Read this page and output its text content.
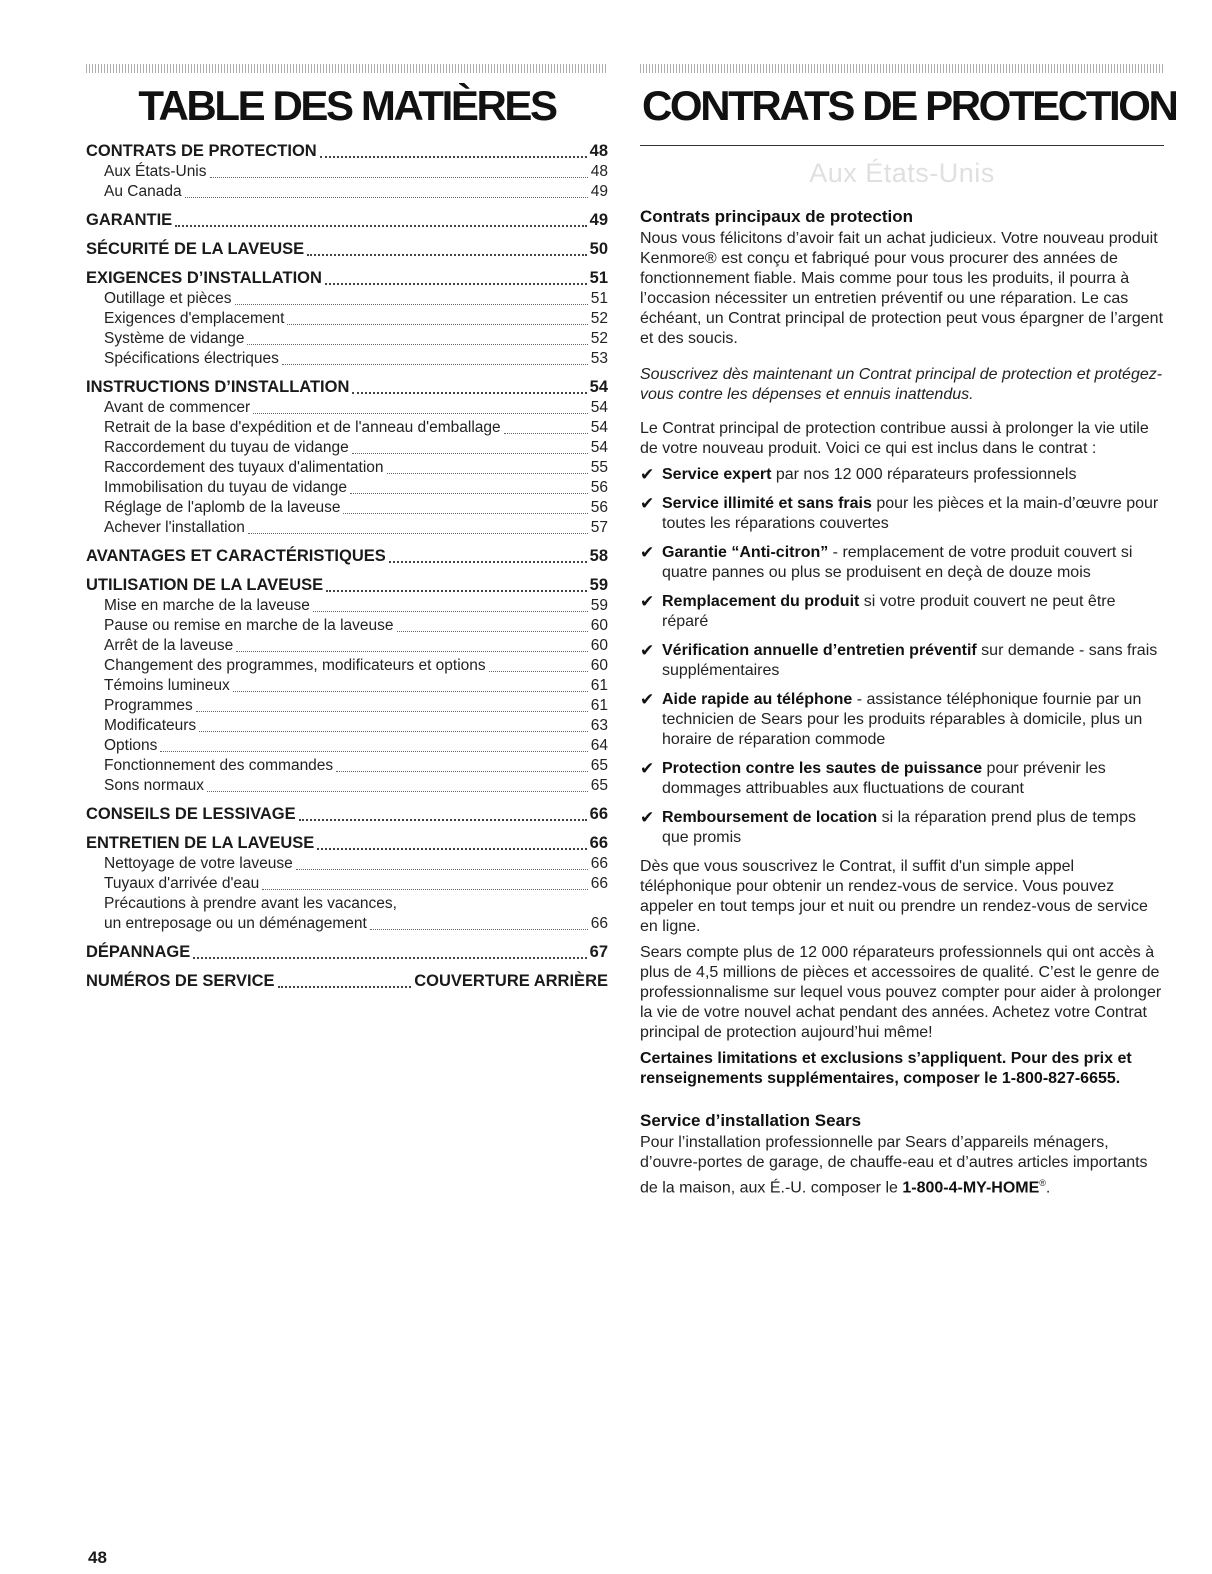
TABLE DES MATIÈRES
CONTRATS DE PROTECTION	48
Aux États-Unis	48
Au Canada	49
GARANTIE	49
SÉCURITÉ DE LA LAVEUSE	50
EXIGENCES D’INSTALLATION	51
Outillage et pièces	51
Exigences d'emplacement	52
Système de vidange	52
Spécifications électriques	53
INSTRUCTIONS D’INSTALLATION	54
Avant de commencer	54
Retrait de la base d'expédition et de l'anneau d'emballage	54
Raccordement du tuyau de vidange	54
Raccordement des tuyaux d'alimentation	55
Immobilisation du tuyau de vidange	56
Réglage de l'aplomb de la laveuse	56
Achever l'installation	57
AVANTAGES ET CARACTÉRISTIQUES	58
UTILISATION DE LA LAVEUSE	59
Mise en marche de la laveuse	59
Pause ou remise en marche de la laveuse	60
Arrêt de la laveuse	60
Changement des programmes, modificateurs et options	60
Témoins lumineux	61
Programmes	61
Modificateurs	63
Options	64
Fonctionnement des commandes	65
Sons normaux	65
CONSEILS DE LESSIVAGE	66
ENTRETIEN DE LA LAVEUSE	66
Nettoyage de votre laveuse	66
Tuyaux d'arrivée d'eau	66
Précautions à prendre avant les vacances,
un entreposage ou un déménagement	66
DÉPANNAGE	67
NUMÉROS DE SERVICE	COUVERTURE ARRIÈRE
CONTRATS DE PROTECTION
Aux États-Unis
Contrats principaux de protection

Nous vous félicitons d’avoir fait un achat judicieux. Votre nouveau produit Kenmore® est conçu et fabriqué pour vous procurer des années de fonctionnement fiable. Mais comme pour tous les produits, il pourra à l’occasion nécessiter un entretien préventif ou une réparation. Le cas échéant, un Contrat principal de protection peut vous épargner de l’argent et des soucis.

Souscrivez dès maintenant un Contrat principal de protection et protégez-vous contre les dépenses et ennuis inattendus.

Le Contrat principal de protection contribue aussi à prolonger la vie utile de votre nouveau produit. Voici ce qui est inclus dans le contrat :

✔ Service expert par nos 12 000 réparateurs professionnels
✔ Service illimité et sans frais pour les pièces et la main-d’œuvre pour toutes les réparations couvertes
✔ Garantie “Anti-citron” - remplacement de votre produit couvert si quatre pannes ou plus se produisent en deçà de douze mois
✔ Remplacement du produit si votre produit couvert ne peut être réparé
✔ Vérification annuelle d’entretien préventif sur demande - sans frais supplémentaires
✔ Aide rapide au téléphone - assistance téléphonique fournie par un technicien de Sears pour les produits réparables à domicile, plus un horaire de réparation commode
✔ Protection contre les sautes de puissance pour prévenir les dommages attribuables aux fluctuations de courant
✔ Remboursement de location si la réparation prend plus de temps que promis

Dès que vous souscrivez le Contrat, il suffit d'un simple appel téléphonique pour obtenir un rendez-vous de service. Vous pouvez appeler en tout temps jour et nuit ou prendre un rendez-vous de service en ligne.

Sears compte plus de 12 000 réparateurs professionnels qui ont accès à plus de 4,5 millions de pièces et accessoires de qualité. C’est le genre de professionnalisme sur lequel vous pouvez compter pour aider à prolonger la vie de votre nouvel achat pendant des années. Achetez votre Contrat principal de protection aujourd’hui même!

Certaines limitations et exclusions s’appliquent. Pour des prix et renseignements supplémentaires, composer le 1-800-827-6655.

Service d’installation Sears

Pour l’installation professionnelle par Sears d’appareils ménagers, d’ouvre-portes de garage, de chauffe-eau et d’autres articles importants de la maison, aux É.-U. composer le 1-800-4-MY-HOME®.

48
